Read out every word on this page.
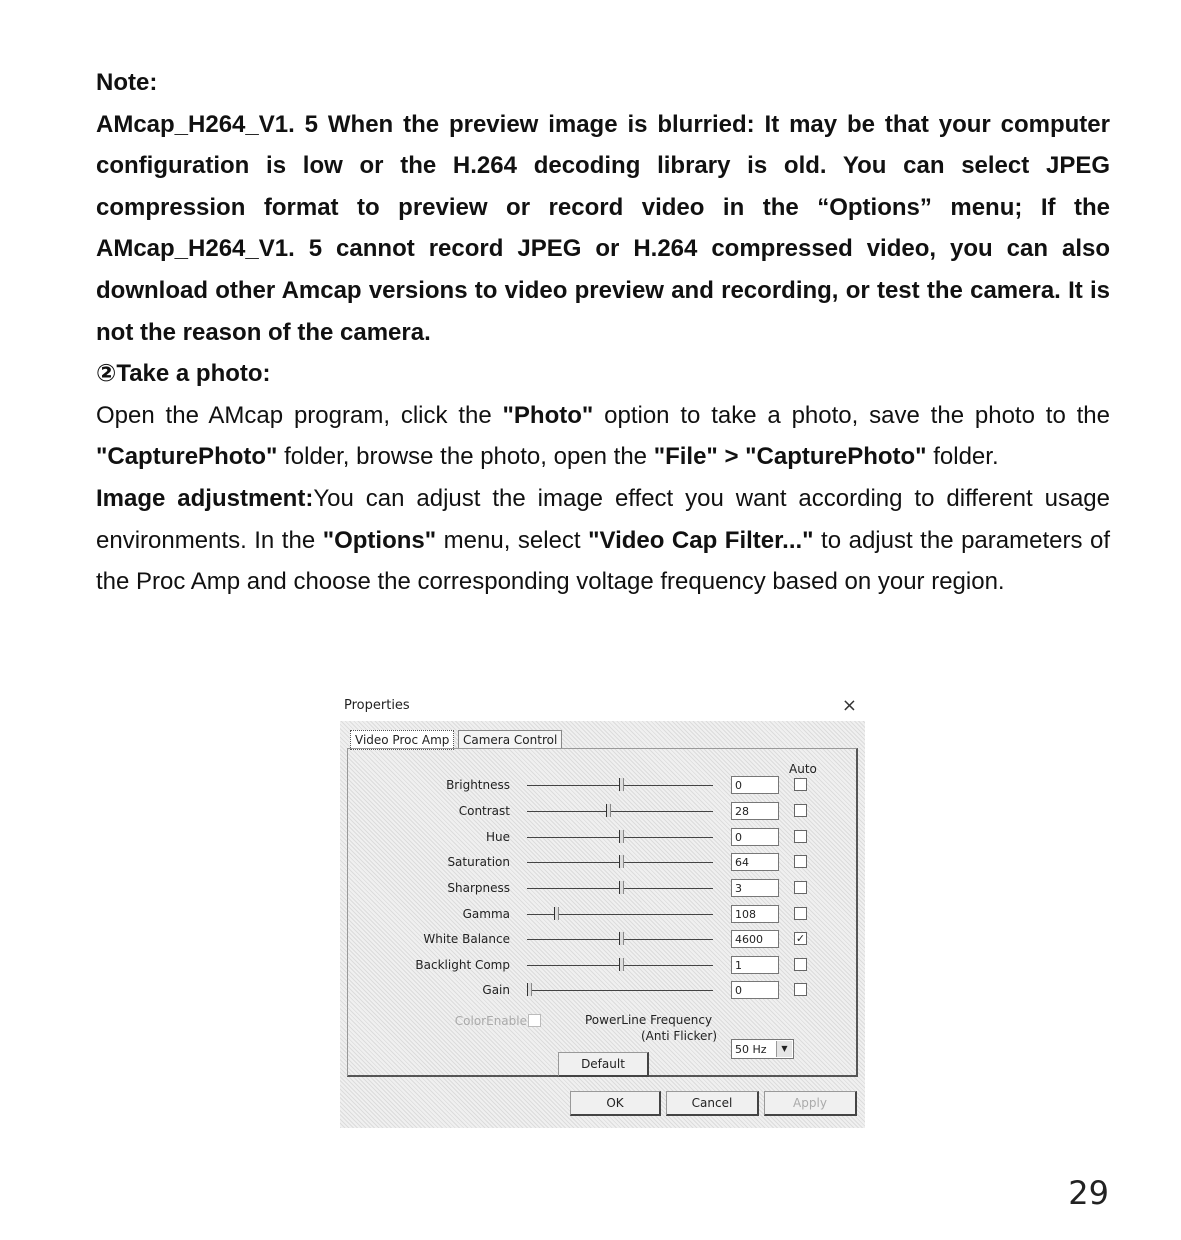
Note:

AMcap_H264_V1. 5 When the preview image is blurried: It may be that your computer configuration is low or the H.264 decoding library is old. You can select JPEG compression format to preview or record video in the “Options” menu; If the AMcap_H264_V1. 5 cannot record JPEG or H.264 compressed video, you can also download other Amcap versions to video preview and recording, or test the camera. It is not the reason of the camera.

②Take a photo:

Open the AMcap program, click the "Photo" option to take a photo, save the photo to the "CapturePhoto" folder, browse the photo, open the "File" > "CapturePhoto" folder.

Image adjustment:You can adjust the image effect you want according to different usage environments. In the "Options" menu, select "Video Cap Filter..." to adjust the parameters of the Proc Amp and choose the corresponding voltage frequency based on your region.

Properties	×
Video Proc Amp	Camera Control
Auto
Brightness	0
Contrast	28
Hue	0
Saturation	64
Sharpness	3
Gamma	108
White Balance	4600	✓
Backlight Comp	1
Gain	0
ColorEnable	PowerLine Frequency
(Anti Flicker)
50 Hz	▼
Default
OK	Cancel	Apply
29
